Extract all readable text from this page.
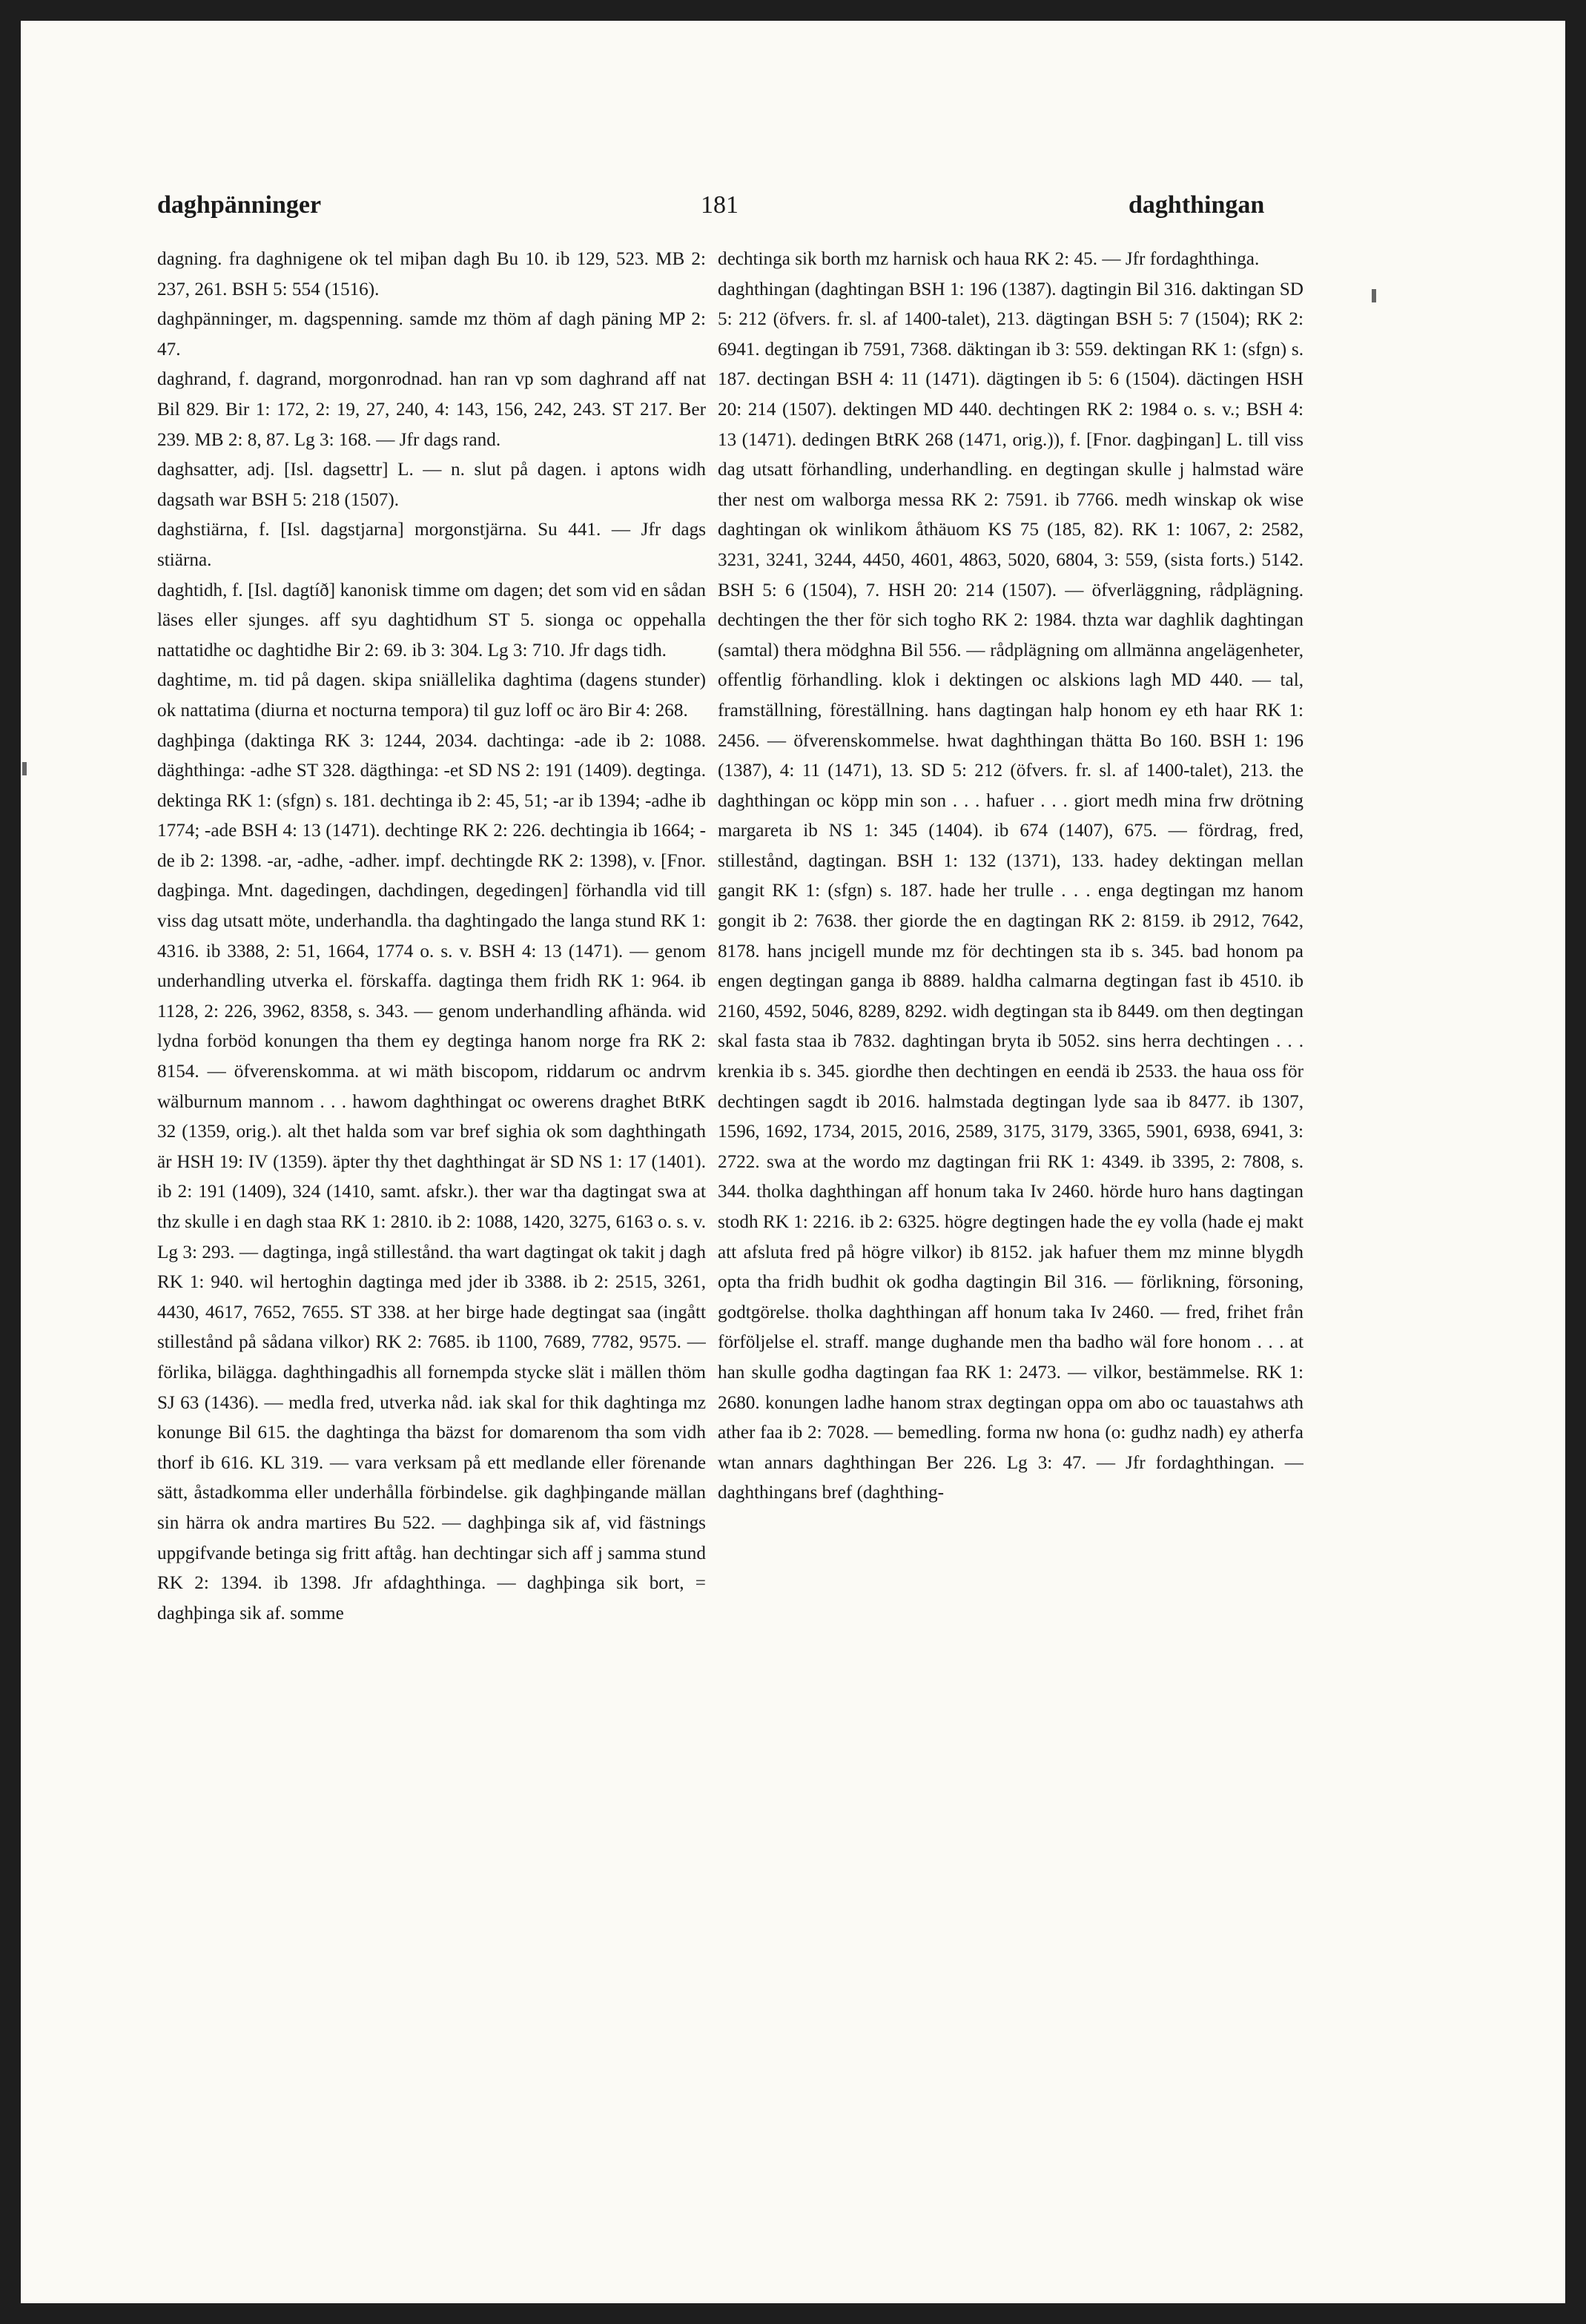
daghpänninger	181	daghthingan

dagning. fra daghnigene ok tel miþan dagh Bu 10. ib 129, 523. MB 2: 237, 261. BSH 5: 554 (1516).

daghpänninger, m. dagspenning. samde mz thöm af dagh päning MP 2: 47.

daghrand, f. dagrand, morgonrodnad. han ran vp som daghrand aff nat Bil 829. Bir 1: 172, 2: 19, 27, 240, 4: 143, 156, 242, 243. ST 217. Ber 239. MB 2: 8, 87. Lg 3: 168. — Jfr dags rand.

daghsatter, adj. [Isl. dagsettr] L. — n. slut på dagen. i aptons widh dagsath war BSH 5: 218 (1507).

daghstiärna, f. [Isl. dagstjarna] morgonstjärna. Su 441. — Jfr dags stiärna.

daghtidh, f. [Isl. dagtíð] kanonisk timme om dagen; det som vid en sådan läses eller sjunges. aff syu daghtidhum ST 5. sionga oc oppehalla nattatidhe oc daghtidhe Bir 2: 69. ib 3: 304. Lg 3: 710. Jfr dags tidh.

daghtime, m. tid på dagen. skipa sniällelika daghtima (dagens stunder) ok nattatima (diurna et nocturna tempora) til guz loff oc äro Bir 4: 268.

daghþinga (daktinga RK 3: 1244, 2034. dachtinga: -ade ib 2: 1088. däghthinga: -adhe ST 328. dägthinga: -et SD NS 2: 191 (1409). degtinga. dektinga RK 1: (sfgn) s. 181. dechtinga ib 2: 45, 51; -ar ib 1394; -adhe ib 1774; -ade BSH 4: 13 (1471). dechtinge RK 2: 226. dechtingia ib 1664; -de ib 2: 1398. -ar, -adhe, -adher. impf. dechtingde RK 2: 1398), v. [Fnor. dagþinga. Mnt. dagedingen, dachdingen, degedingen] förhandla vid till viss dag utsatt möte, underhandla. tha daghtingado the langa stund RK 1: 4316. ib 3388, 2: 51, 1664, 1774 o. s. v. BSH 4: 13 (1471). — genom underhandling utverka el. förskaffa. dagtinga them fridh RK 1: 964. ib 1128, 2: 226, 3962, 8358, s. 343. — genom underhandling afhända. wid lydna forböd konungen tha them ey degtinga hanom norge fra RK 2: 8154. — öfverenskomma. at wi mäth biscopom, riddarum oc andrvm wälburnum mannom . . . hawom daghthingat oc owerens draghet BtRK 32 (1359, orig.). alt thet halda som var bref sighia ok som daghthingath är HSH 19: IV (1359). äpter thy thet daghthingat är SD NS 1: 17 (1401). ib 2: 191 (1409), 324 (1410, samt. afskr.). ther war tha dagtingat swa at thz skulle i en dagh staa RK 1: 2810. ib 2: 1088, 1420, 3275, 6163 o. s. v. Lg 3: 293. — dagtinga, ingå stillestånd. tha wart dagtingat ok takit j dagh RK 1: 940. wil hertoghin dagtinga med jder ib 3388. ib 2: 2515, 3261, 4430, 4617, 7652, 7655. ST 338. at her birge hade degtingat saa (ingått stillestånd på sådana vilkor) RK 2: 7685. ib 1100, 7689, 7782, 9575. — förlika, bilägga. daghthingadhis all fornempda stycke slät i mällen thöm SJ 63 (1436). — medla fred, utverka nåd. iak skal for thik daghtinga mz konunge Bil 615. the daghtinga tha bäzst for domarenom tha som vidh thorf ib 616. KL 319. — vara verksam på ett medlande eller förenande sätt, åstadkomma eller underhålla förbindelse. gik daghþingande mällan sin härra ok andra martires Bu 522. — daghþinga sik af, vid fästnings uppgifvande betinga sig fritt aftåg. han dechtingar sich aff j samma stund RK 2: 1394. ib 1398. Jfr afdaghthinga. — daghþinga sik bort, = daghþinga sik af. somme

dechtinga sik borth mz harnisk och haua RK 2: 45. — Jfr fordaghthinga.

daghthingan (daghtingan BSH 1: 196 (1387). dagtingin Bil 316. daktingan SD 5: 212 (öfvers. fr. sl. af 1400-talet), 213. dägtingan BSH 5: 7 (1504); RK 2: 6941. degtingan ib 7591, 7368. däktingan ib 3: 559. dektingan RK 1: (sfgn) s. 187. dectingan BSH 4: 11 (1471). dägtingen ib 5: 6 (1504). däctingen HSH 20: 214 (1507). dektingen MD 440. dechtingen RK 2: 1984 o. s. v.; BSH 4: 13 (1471). dedingen BtRK 268 (1471, orig.)), f. [Fnor. dagþingan] L. till viss dag utsatt förhandling, underhandling. en degtingan skulle j halmstad wäre ther nest om walborga messa RK 2: 7591. ib 7766. medh winskap ok wise daghtingan ok winlikom åthäuom KS 75 (185, 82). RK 1: 1067, 2: 2582, 3231, 3241, 3244, 4450, 4601, 4863, 5020, 6804, 3: 559, (sista forts.) 5142. BSH 5: 6 (1504), 7. HSH 20: 214 (1507). — öfverläggning, rådplägning. dechtingen the ther för sich togho RK 2: 1984. thzta war daghlik daghtingan (samtal) thera mödghna Bil 556. — rådplägning om allmänna angelägenheter, offentlig förhandling. klok i dektingen oc alskions lagh MD 440. — tal, framställning, föreställning. hans dagtingan halp honom ey eth haar RK 1: 2456. — öfverenskommelse. hwat daghthingan thätta Bo 160. BSH 1: 196 (1387), 4: 11 (1471), 13. SD 5: 212 (öfvers. fr. sl. af 1400-talet), 213. the daghthingan oc köpp min son . . . hafuer . . . giort medh mina frw drötning margareta ib NS 1: 345 (1404). ib 674 (1407), 675. — fördrag, fred, stillestånd, dagtingan. BSH 1: 132 (1371), 133. hadey dektingan mellan gangit RK 1: (sfgn) s. 187. hade her trulle . . . enga degtingan mz hanom gongit ib 2: 7638. ther giorde the en dagtingan RK 2: 8159. ib 2912, 7642, 8178. hans jncigell munde mz för dechtingen sta ib s. 345. bad honom pa engen degtingan ganga ib 8889. haldha calmarna degtingan fast ib 4510. ib 2160, 4592, 5046, 8289, 8292. widh degtingan sta ib 8449. om then degtingan skal fasta staa ib 7832. daghtingan bryta ib 5052. sins herra dechtingen . . . krenkia ib s. 345. giordhe then dechtingen en eendä ib 2533. the haua oss för dechtingen sagdt ib 2016. halmstada degtingan lyde saa ib 8477. ib 1307, 1596, 1692, 1734, 2015, 2016, 2589, 3175, 3179, 3365, 5901, 6938, 6941, 3: 2722. swa at the wordo mz dagtingan frii RK 1: 4349. ib 3395, 2: 7808, s. 344. tholka daghthingan aff honum taka Iv 2460. hörde huro hans dagtingan stodh RK 1: 2216. ib 2: 6325. högre degtingen hade the ey volla (hade ej makt att afsluta fred på högre vilkor) ib 8152. jak hafuer them mz minne blygdh opta tha fridh budhit ok godha dagtingin Bil 316. — förlikning, försoning, godtgörelse. tholka daghthingan aff honum taka Iv 2460. — fred, frihet från förföljelse el. straff. mange dughande men tha badho wäl fore honom . . . at han skulle godha dagtingan faa RK 1: 2473. — vilkor, bestämmelse. RK 1: 2680. konungen ladhe hanom strax degtingan oppa om abo oc tauastahws ath ather faa ib 2: 7028. — bemedling. forma nw hona (o: gudhz nadh) ey atherfa wtan annars daghthingan Ber 226. Lg 3: 47. — Jfr fordaghthingan. — daghthingans bref (daghthing-
